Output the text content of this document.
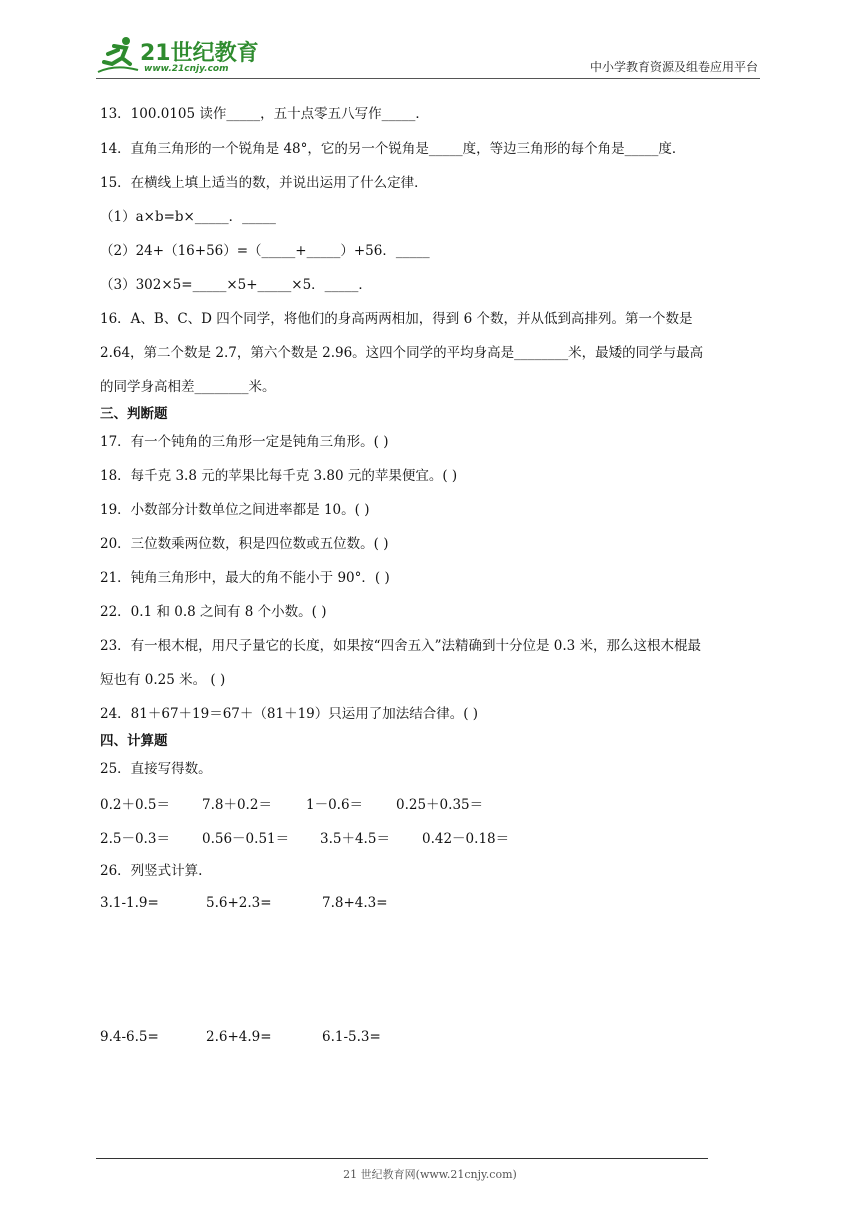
21世纪教育
www.21cnjy.com	中小学教育资源及组卷应用平台
13．100.0105 读作_____，五十点零五八写作_____．
14．直角三角形的一个锐角是 48°，它的另一个锐角是_____度，等边三角形的每个角是_____度．
15．在横线上填上适当的数，并说出运用了什么定律．
（1）a×b=b×_____．_____
（2）24+（16+56）=（_____+_____）+56．_____
（3）302×5=_____×5+_____×5．_____．
16．A、B、C、D 四个同学，将他们的身高两两相加，得到 6 个数，并从低到高排列。第一个数是
2.64，第二个数是 2.7，第六个数是 2.96。这四个同学的平均身高是________米，最矮的同学与最高
的同学身高相差________米。
三、判断题
17．有一个钝角的三角形一定是钝角三角形。( )
18．每千克 3.8 元的苹果比每千克 3.80 元的苹果便宜。( )
19．小数部分计数单位之间进率都是 10。( )
20．三位数乘两位数，积是四位数或五位数。( )
21．钝角三角形中，最大的角不能小于 90°．( )
22．0.1 和 0.8 之间有 8 个小数。( )
23．有一根木棍，用尺子量它的长度，如果按“四舍五入”法精确到十分位是 0.3 米，那么这根木棍最
短也有 0.25 米。 ( )
24．81＋67＋19＝67＋（81＋19）只运用了加法结合律。( )
四、计算题
25．直接写得数。
0.2＋0.5＝ 7.8＋0.2＝	1－0.6＝ 0.25＋0.35＝
2.5－0.3＝ 0.56－0.51＝ 3.5＋4.5＝ 0.42－0.18＝
26．列竖式计算.
3.1-1.9=	5.6+2.3=	7.8+4.3=
9.4-6.5=	2.6+4.9=	6.1-5.3=
21 世纪教育网(www.21cnjy.com)
